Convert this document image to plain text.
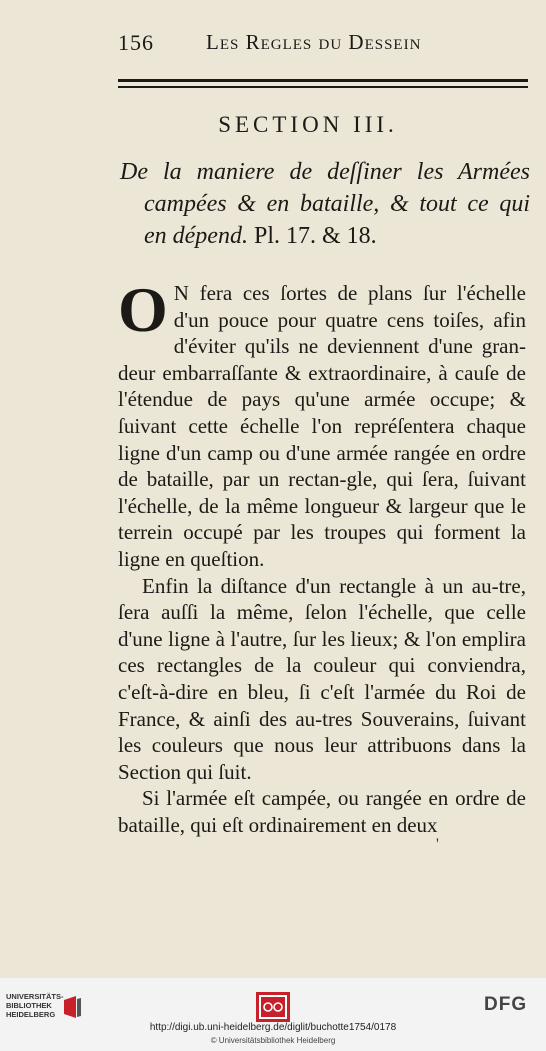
156 Les Regles du Dessein
SECTION III.
De la maniere de deſſiner les Armées
campées & en bataille, & tout ce qui
en dépend. Pl. 17. & 18.

O N fera ces ſortes de plans ſur l'échelle d'un pouce pour quatre cens toiſes, afin d'éviter qu'ils ne deviennent d'une gran-deur embarraſſante & extraordinaire, à cauſe de l'étendue de pays qu'une armée occupe; & ſuivant cette échelle l'on repréſentera chaque ligne d'un camp ou d'une armée rangée en ordre de bataille, par un rectan-gle, qui ſera, ſuivant l'échelle, de la même longueur & largeur que le terrein occupé par les troupes qui forment la ligne en queſtion.

Enfin la diſtance d'un rectangle à un au-tre, ſera auſſi la même, ſelon l'échelle, que celle d'une ligne à l'autre, ſur les lieux; & l'on emplira ces rectangles de la couleur qui conviendra, c'eſt-à-dire en bleu, ſi c'eſt l'armée du Roi de France, & ainſi des au-tres Souverains, ſuivant les couleurs que nous leur attribuons dans la Section qui ſuit.

Si l'armée eſt campée, ou rangée en ordre de bataille, qui eſt ordinairement en deux

'
UNIVERSITÄTS-BIBLIOTHEK HEIDELBERG	DFG
http://digi.ub.uni-heidelberg.de/diglit/buchotte1754/0178
© Universitätsbibliothek Heidelberg
